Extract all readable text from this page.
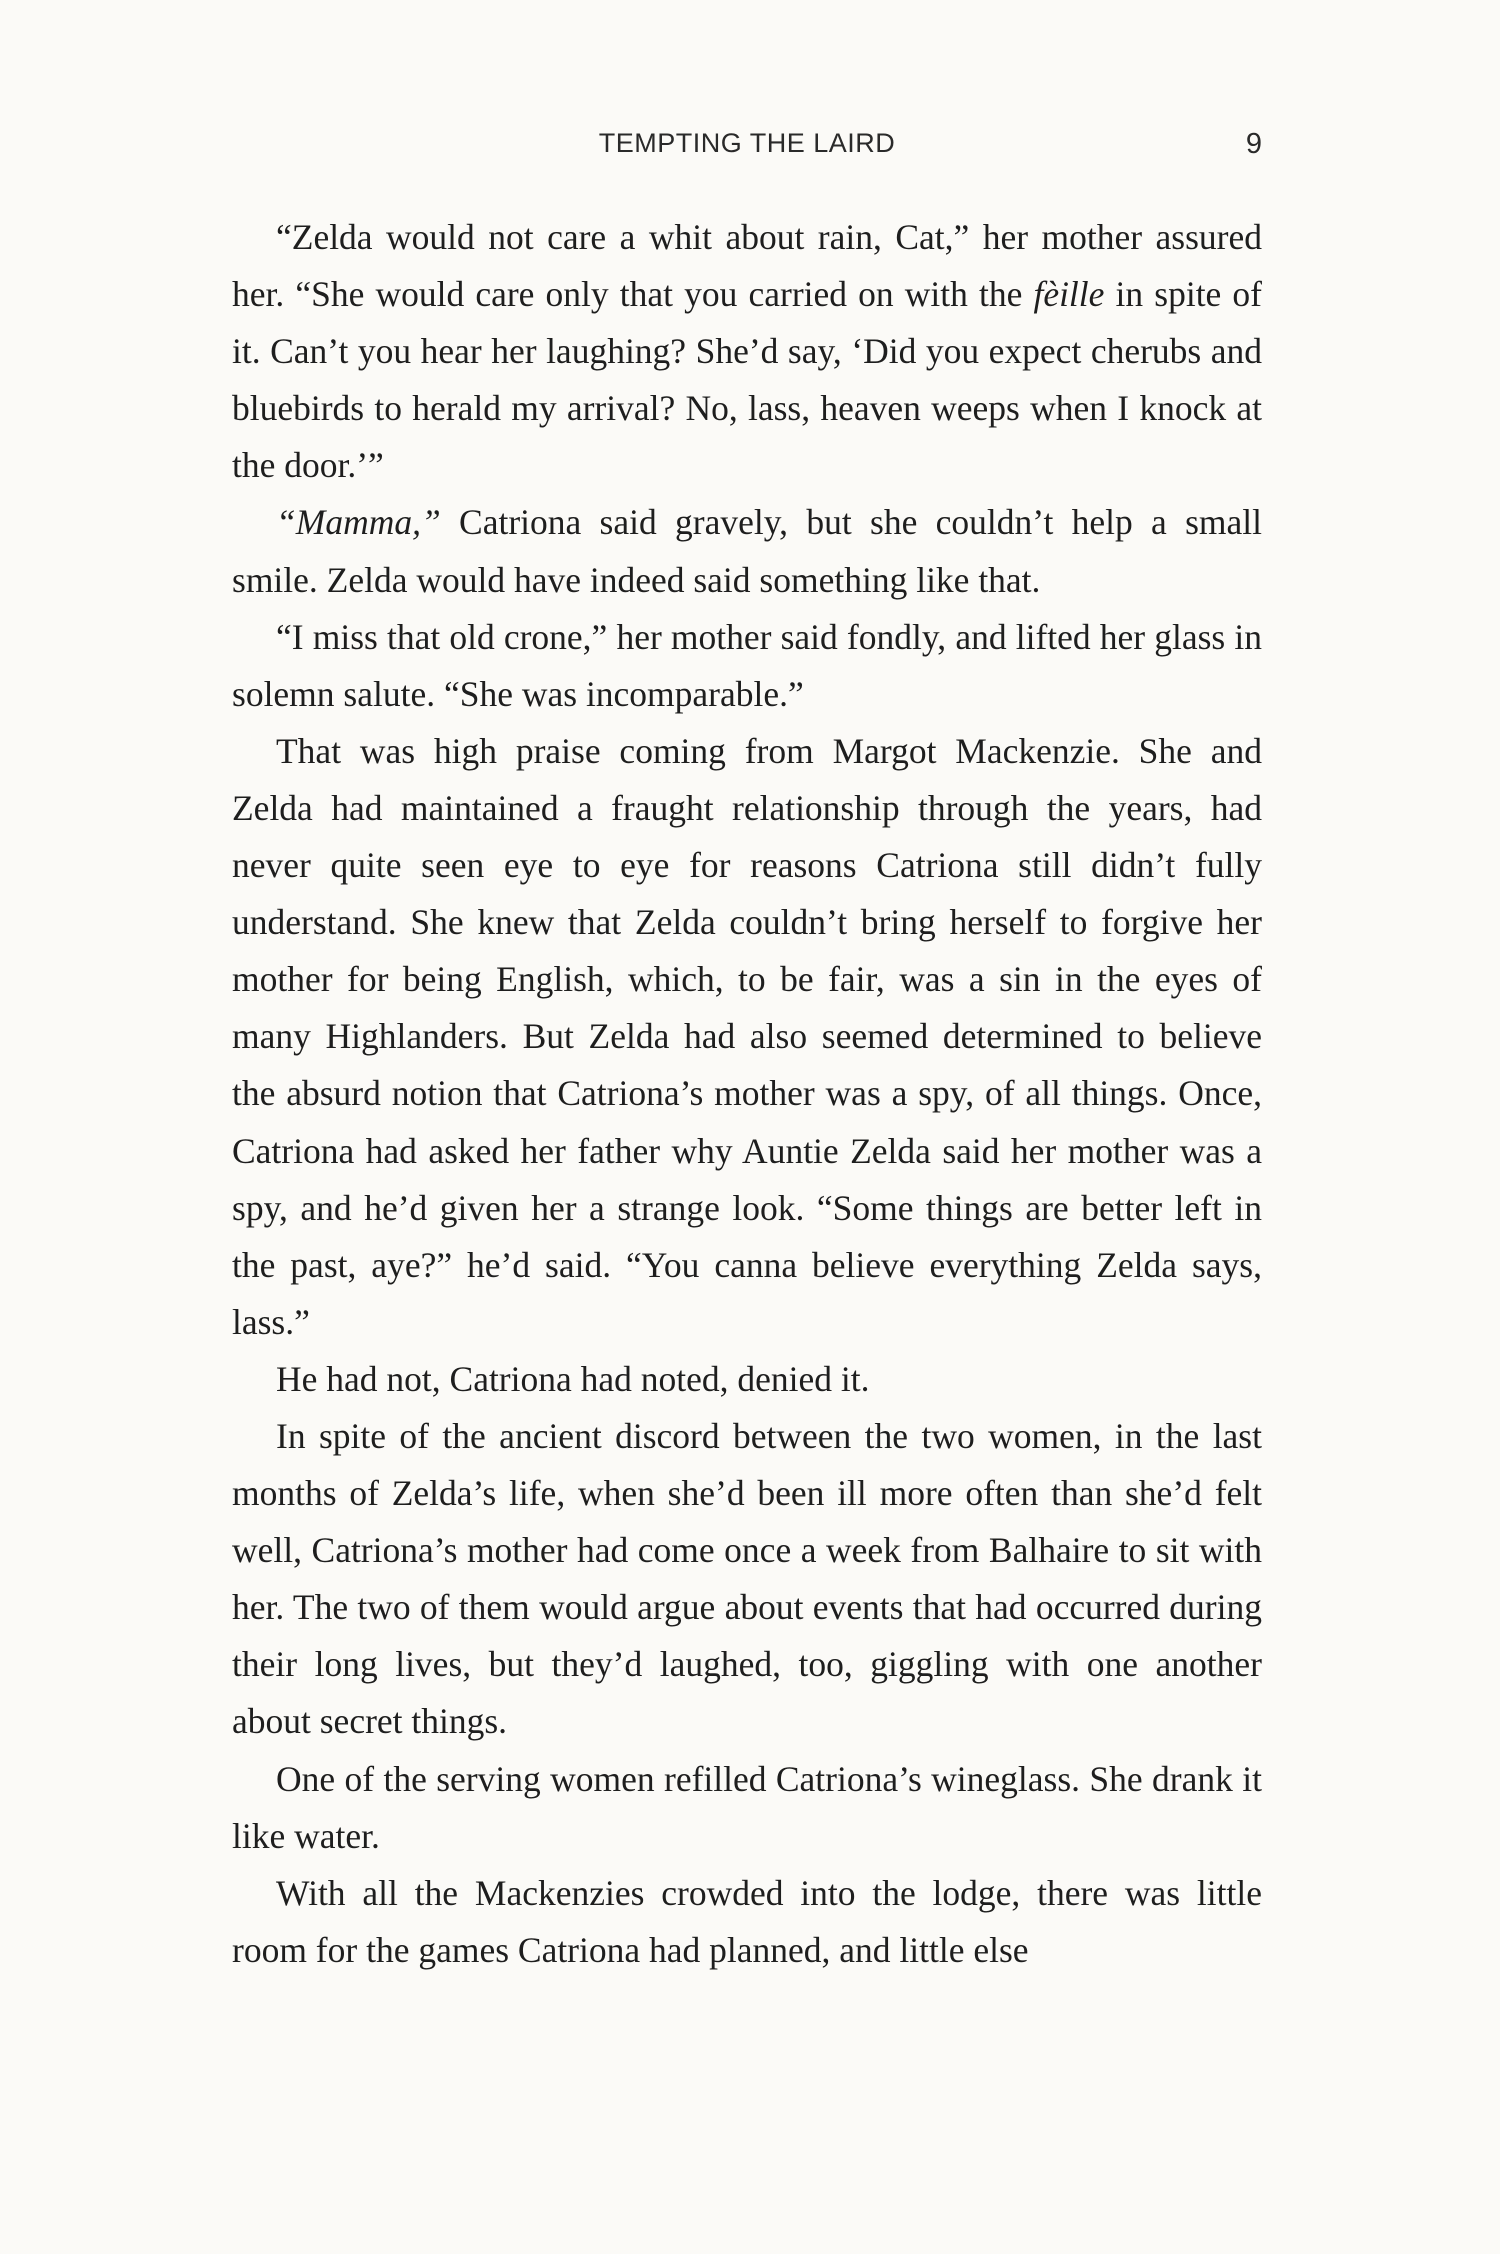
TEMPTING THE LAIRD	9

“Zelda would not care a whit about rain, Cat,” her mother assured her. “She would care only that you carried on with the fèille in spite of it. Can’t you hear her laughing? She’d say, ‘Did you expect cherubs and bluebirds to herald my arrival? No, lass, heaven weeps when I knock at the door.’”

“Mamma,” Catriona said gravely, but she couldn’t help a small smile. Zelda would have indeed said something like that.

“I miss that old crone,” her mother said fondly, and lifted her glass in solemn salute. “She was incomparable.”

That was high praise coming from Margot Mackenzie. She and Zelda had maintained a fraught relationship through the years, had never quite seen eye to eye for reasons Catriona still didn’t fully understand. She knew that Zelda couldn’t bring herself to forgive her mother for being English, which, to be fair, was a sin in the eyes of many Highlanders. But Zelda had also seemed determined to believe the absurd notion that Catriona’s mother was a spy, of all things. Once, Catriona had asked her father why Auntie Zelda said her mother was a spy, and he’d given her a strange look. “Some things are better left in the past, aye?” he’d said. “You canna believe everything Zelda says, lass.”

He had not, Catriona had noted, denied it.

In spite of the ancient discord between the two women, in the last months of Zelda’s life, when she’d been ill more often than she’d felt well, Catriona’s mother had come once a week from Balhaire to sit with her. The two of them would argue about events that had occurred during their long lives, but they’d laughed, too, giggling with one another about secret things.

One of the serving women refilled Catriona’s wineglass. She drank it like water.

With all the Mackenzies crowded into the lodge, there was little room for the games Catriona had planned, and little else
